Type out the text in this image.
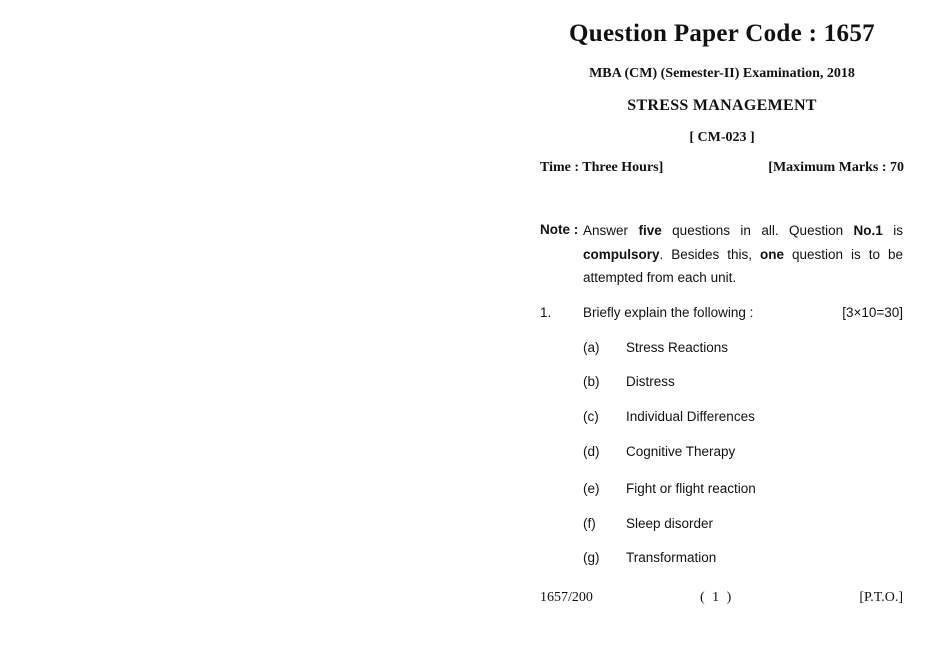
Question Paper Code : 1657
MBA (CM) (Semester-II) Examination, 2018
STRESS MANAGEMENT
[ CM-023 ]
Time : Three Hours]	[Maximum Marks : 70
Note : Answer five questions in all. Question No.1 is compulsory. Besides this, one question is to be attempted from each unit.
1. Briefly explain the following :	[3×10=30]
(a) Stress Reactions
(b) Distress
(c) Individual Differences
(d) Cognitive Therapy
(e) Fight or flight reaction
(f) Sleep disorder
(g) Transformation
1657/200	( 1 )	[P.T.O.]
